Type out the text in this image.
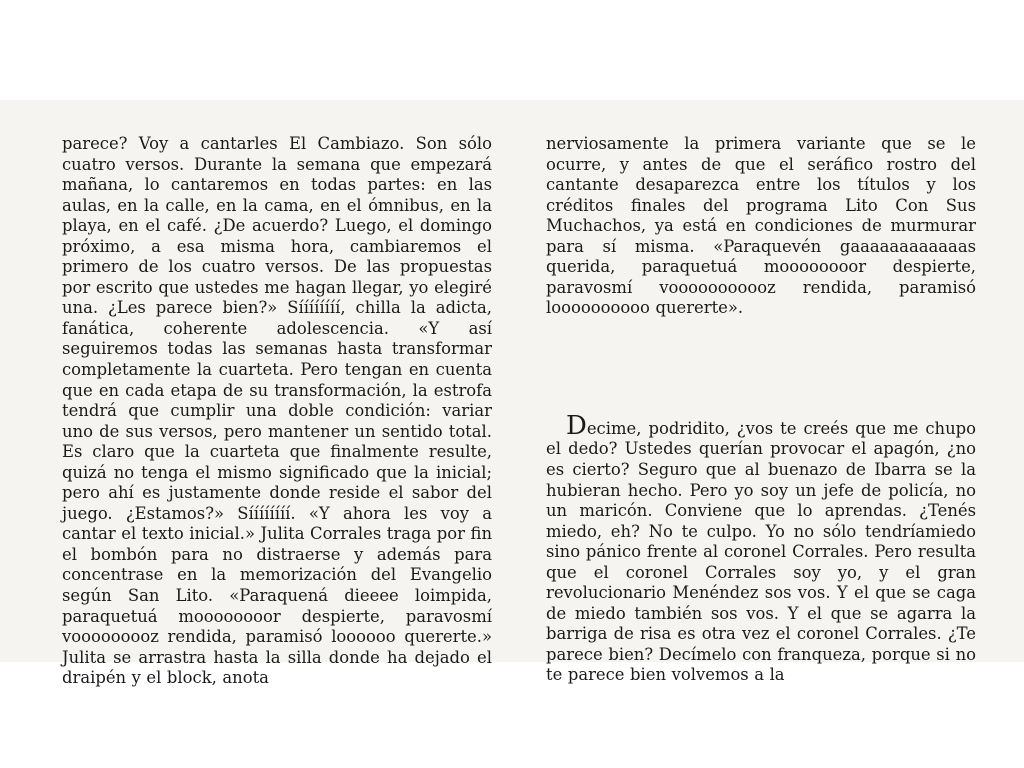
parece? Voy a cantarles El Cambiazo. Son sólo cuatro versos. Durante la semana que empezará mañana, lo cantaremos en todas partes: en las aulas, en la calle, en la cama, en el ómnibus, en la playa, en el café. ¿De acuerdo? Luego, el domingo próximo, a esa misma hora, cambiaremos el primero de los cuatro versos. De las propuestas por escrito que ustedes me hagan llegar, yo elegiré una. ¿Les parece bien?» Síííííííí, chilla la adicta, fanática, coherente adolescencia. «Y así seguiremos todas las semanas hasta transformar completamente la cuarteta. Pero tengan en cuenta que en cada etapa de su transformación, la estrofa tendrá que cumplir una doble condición: variar uno de sus versos, pero mantener un sentido total. Es claro que la cuarteta que finalmente resulte, quizá no tenga el mismo significado que la inicial; pero ahí es justamente donde reside el sabor del juego. ¿Estamos?» Síííííííí. «Y ahora les voy a cantar el texto inicial.» Julita Corrales traga por fin el bombón para no distraerse y además para concentrase en la memorización del Evangelio según San Lito. «Paraquená dieeee loimpida, paraquetuá moooooooor despierte, paravosmí vooooooooz rendida, paramisó loooooo quererte.» Julita se arrastra hasta la silla donde ha dejado el draipén y el block, anota

nerviosamente la primera variante que se le ocurre, y antes de que el seráfico rostro del cantante desaparezca entre los títulos y los créditos finales del programa Lito Con Sus Muchachos, ya está en condiciones de murmurar para sí misma. «Paraquevén gaaaaaaaaaaaas querida, paraquetuá moooooooor despierte, paravosmí vooooooooooz rendida, paramisó loooooooooo quererte».

Decime, podridito, ¿vos te creés que me chupo el dedo? Ustedes querían provocar el apagón, ¿no es cierto? Seguro que al buenazo de Ibarra se la hubieran hecho. Pero yo soy un jefe de policía, no un maricón. Conviene que lo aprendas. ¿Tenés miedo, eh? No te culpo. Yo no sólo tendríamiedo sino pánico frente al coronel Corrales. Pero resulta que el coronel Corrales soy yo, y el gran revolucionario Menéndez sos vos. Y el que se caga de miedo también sos vos. Y el que se agarra la barriga de risa es otra vez el coronel Corrales. ¿Te parece bien? Decímelo con franqueza, porque si no te parece bien volvemos a la
